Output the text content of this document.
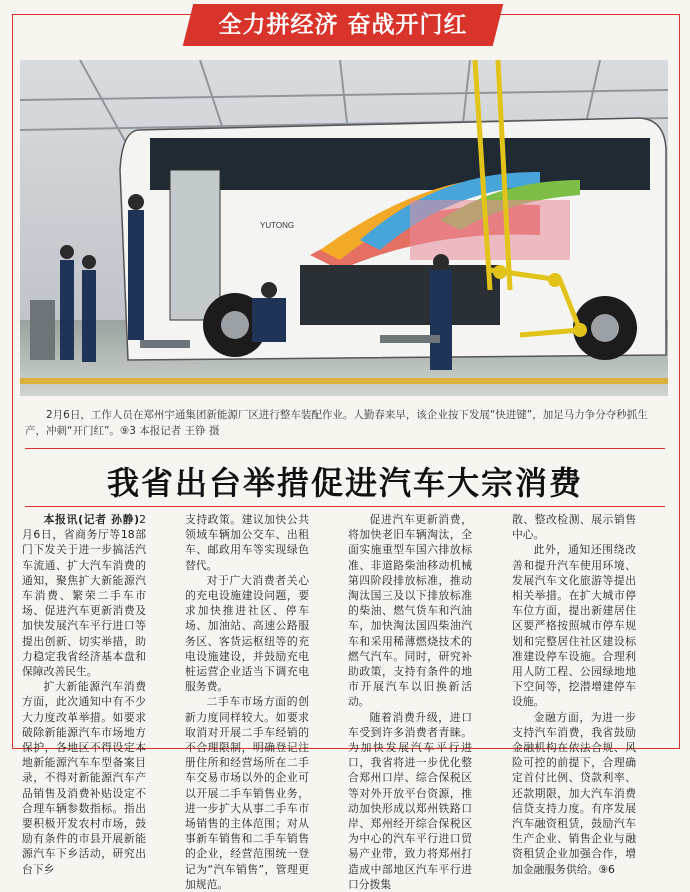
全力拼经济 奋战开门红
YUTONG
2月6日，工作人员在郑州宇通集团新能源厂区进行整车装配作业。人勤春来早，该企业按下发展“快进键”，加足马力争分夺秒抓生产，冲刺“开门红”。⑨3 本报记者 王铮 摄
我省出台举措促进汽车大宗消费

本报讯(记者 孙静)2月6日，省商务厅等18部门下发关于进一步搞活汽车流通、扩大汽车消费的通知，聚焦扩大新能源汽车消费、繁荣二手车市场、促进汽车更新消费及加快发展汽车平行进口等提出创新、切实举措，助力稳定我省经济基本盘和保障改善民生。

扩大新能源汽车消费方面，此次通知中有不少大力度改革举措。如要求破除新能源汽车市场地方保护，各地区不得设定本地新能源汽车车型备案目录，不得对新能源汽车产品销售及消费补贴设定不合理车辆参数指标。指出要积极开发农村市场，鼓励有条件的市县开展新能源汽车下乡活动，研究出台下乡

支持政策。建议加快公共领域车辆加公交车、出租车、邮政用车等实现绿色替代。

对于广大消费者关心的充电设施建设问题，要求加快推进社区、停车场、加油站、高速公路服务区、客货运枢纽等的充电设施建设，并鼓励充电桩运营企业适当下调充电服务费。

二手车市场方面的创新力度同样较大。如要求取消对开展二手车经销的不合理限制，明确登记注册住所和经营场所在二手车交易市场以外的企业可以开展二手车销售业务，进一步扩大从事二手车市场销售的主体范围；对从事新车销售和二手车销售的企业，经营范围统一登记为“汽车销售”，管理更加规范。

促进汽车更新消费，将加快老旧车辆淘汰，全面实施重型车国六排放标准、非道路柴油移动机械第四阶段排放标准，推动淘汰国三及以下排放标准的柴油、燃气货车和汽油车，加快淘汰国四柴油汽车和采用稀薄燃烧技术的燃气汽车。同时，研究补助政策，支持有条件的地市开展汽车以旧换新活动。

随着消费升级，进口车受到许多消费者青睐。为加快发展汽车平行进口，我省将进一步优化整合郑州口岸、综合保税区等对外开放平台资源，推动加快形成以郑州铁路口岸、郑州经开综合保税区为中心的汽车平行进口贸易产业带，致力将郑州打造成中部地区汽车平行进口分拨集

散、整改检测、展示销售中心。

此外，通知还围绕改善和提升汽车使用环境、发展汽车文化旅游等提出相关举措。在扩大城市停车位方面，提出新建居住区要严格按照城市停车规划和完整居住社区建设标准建设停车设施。合理利用人防工程、公园绿地地下空间等，挖潜增建停车设施。

金融方面，为进一步支持汽车消费，我省鼓励金融机构在依法合规、风险可控的前提下，合理确定首付比例、贷款利率、还款期限，加大汽车消费信贷支持力度。有序发展汽车融资租赁，鼓励汽车生产企业、销售企业与融资租赁企业加强合作，增加金融服务供给。⑨6
